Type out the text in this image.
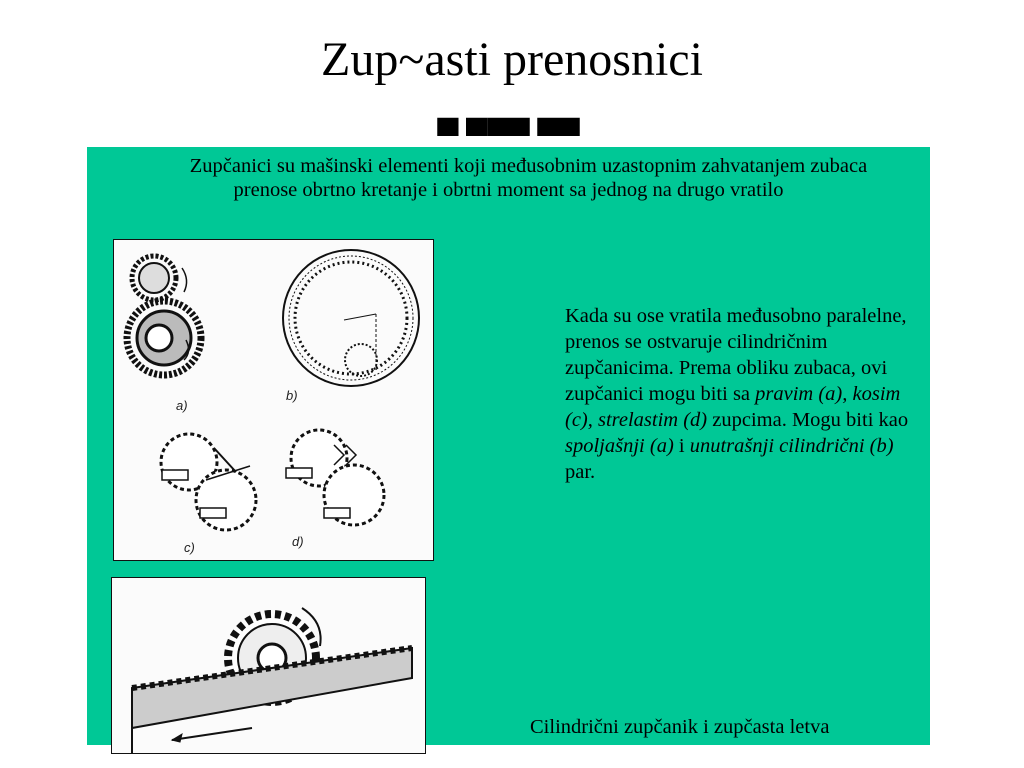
Zup~asti prenosnici
▀ ▀▀▀ ▀▀
Zupčanici su mašinski elementi koji međusobnim uzastopnim zahvatanjem zubaca
prenose obrtno kretanje i obrtni moment sa jednog na drugo vratilo
a)
b)
c)	d)
Kada su ose vratila međusobno paralelne, prenos se ostvaruje cilindričnim zupčanicima. Prema obliku zubaca, ovi zupčanici mogu biti sa pravim (a), kosim (c), strelastim (d) zupcima. Mogu biti kao spoljašnji (a) i unutrašnji cilindrični (b) par.
Cilindrični zupčanik i zupčasta letva
